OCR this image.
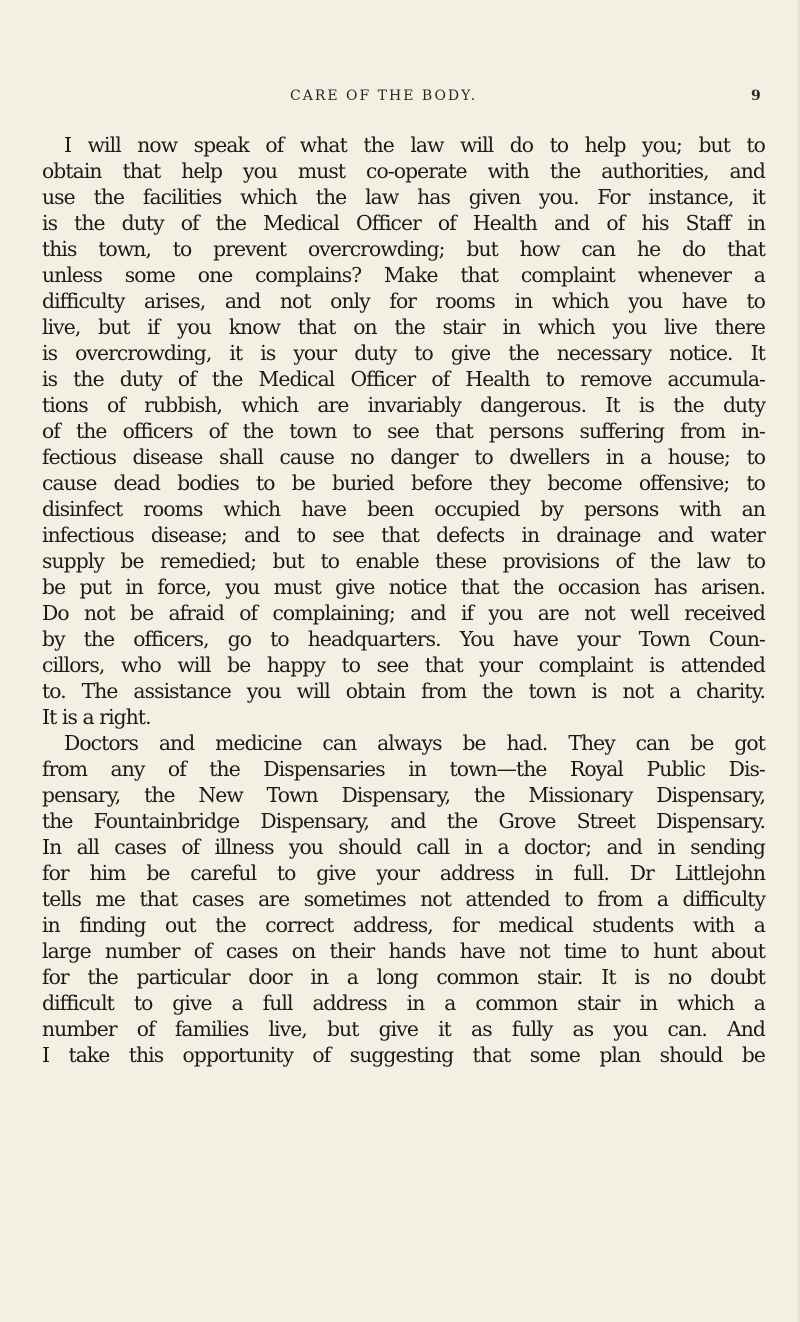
CARE OF THE BODY.	9
I will now speak of what the law will do to help you; but to
obtain that help you must co-operate with the authorities, and
use the facilities which the law has given you. For instance, it
is the duty of the Medical Officer of Health and of his Staff in
this town, to prevent overcrowding; but how can he do that
unless some one complains? Make that complaint whenever a
difficulty arises, and not only for rooms in which you have to
live, but if you know that on the stair in which you live there
is overcrowding, it is your duty to give the necessary notice. It
is the duty of the Medical Officer of Health to remove accumula-
tions of rubbish, which are invariably dangerous. It is the duty
of the officers of the town to see that persons suffering from in-
fectious disease shall cause no danger to dwellers in a house; to
cause dead bodies to be buried before they become offensive; to
disinfect rooms which have been occupied by persons with an
infectious disease; and to see that defects in drainage and water
supply be remedied; but to enable these provisions of the law to
be put in force, you must give notice that the occasion has arisen.
Do not be afraid of complaining; and if you are not well received
by the officers, go to headquarters. You have your Town Coun-
cillors, who will be happy to see that your complaint is attended
to. The assistance you will obtain from the town is not a charity.
It is a right.
Doctors and medicine can always be had. They can be got
from any of the Dispensaries in town—the Royal Public Dis-
pensary, the New Town Dispensary, the Missionary Dispensary,
the Fountainbridge Dispensary, and the Grove Street Dispensary.
In all cases of illness you should call in a doctor; and in sending
for him be careful to give your address in full. Dr Littlejohn
tells me that cases are sometimes not attended to from a difficulty
in finding out the correct address, for medical students with a
large number of cases on their hands have not time to hunt about
for the particular door in a long common stair. It is no doubt
difficult to give a full address in a common stair in which a
number of families live, but give it as fully as you can. And
I take this opportunity of suggesting that some plan should be
